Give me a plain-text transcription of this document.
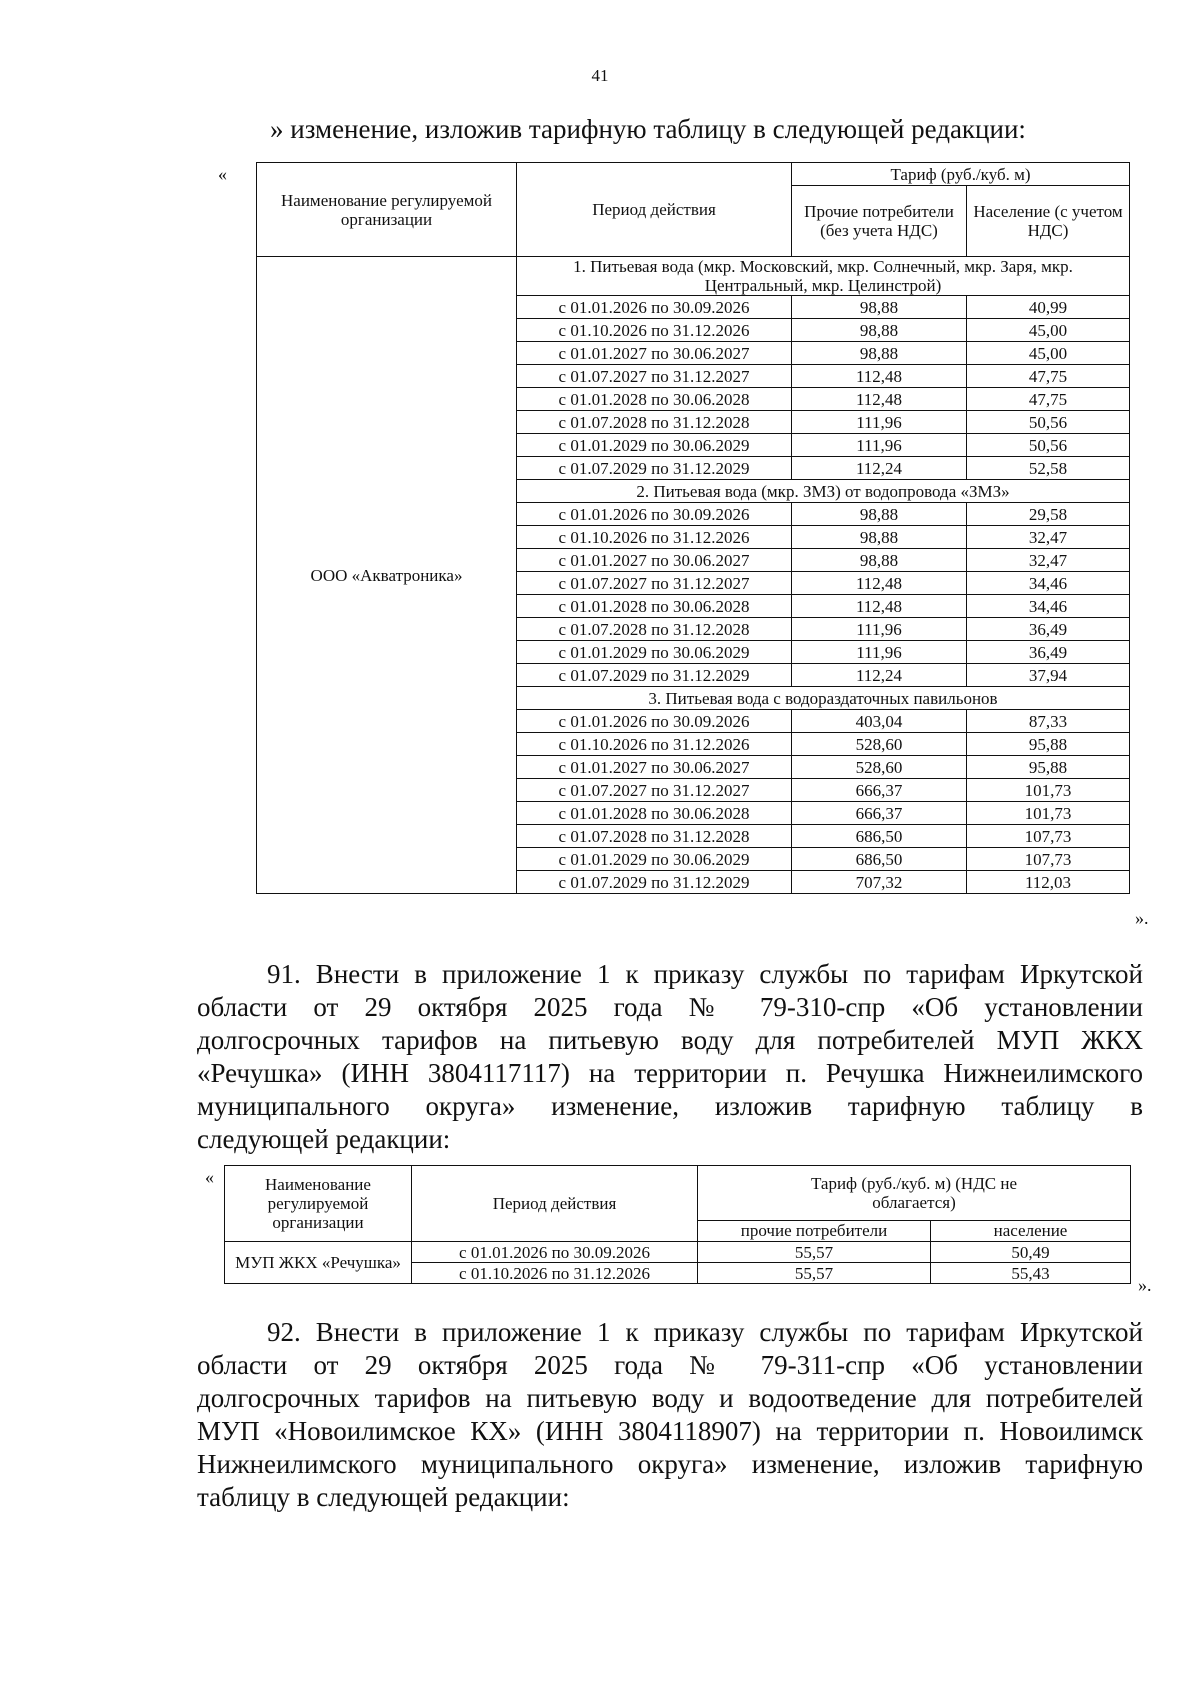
41
» изменение, изложив тарифную таблицу в следующей редакции:
«
Наименование регулируемой организации	Период действия	Тариф (руб./куб. м)	
		Прочие потребители (без учета НДС)	Население (с учетом НДС)
ООО «Акватроника»	1. Питьевая вода (мкр. Московский, мкр. Солнечный, мкр. Заря, мкр. Центральный, мкр. Целинстрой)		
	с 01.01.2026 по 30.09.2026	98,88	40,99
	с 01.10.2026 по 31.12.2026	98,88	45,00
	с 01.01.2027 по 30.06.2027	98,88	45,00
	с 01.07.2027 по 31.12.2027	112,48	47,75
	с 01.01.2028 по 30.06.2028	112,48	47,75
	с 01.07.2028 по 31.12.2028	111,96	50,56
	с 01.01.2029 по 30.06.2029	111,96	50,56
	с 01.07.2029 по 31.12.2029	112,24	52,58
	2. Питьевая вода (мкр. ЗМЗ) от водопровода «ЗМЗ»		
	с 01.01.2026 по 30.09.2026	98,88	29,58
	с 01.10.2026 по 31.12.2026	98,88	32,47
	с 01.01.2027 по 30.06.2027	98,88	32,47
	с 01.07.2027 по 31.12.2027	112,48	34,46
	с 01.01.2028 по 30.06.2028	112,48	34,46
	с 01.07.2028 по 31.12.2028	111,96	36,49
	с 01.01.2029 по 30.06.2029	111,96	36,49
	с 01.07.2029 по 31.12.2029	112,24	37,94
	3. Питьевая вода с водораздаточных павильонов		
	с 01.01.2026 по 30.09.2026	403,04	87,33
	с 01.10.2026 по 31.12.2026	528,60	95,88
	с 01.01.2027 по 30.06.2027	528,60	95,88
	с 01.07.2027 по 31.12.2027	666,37	101,73
	с 01.01.2028 по 30.06.2028	666,37	101,73
	с 01.07.2028 по 31.12.2028	686,50	107,73
	с 01.01.2029 по 30.06.2029	686,50	107,73
	с 01.07.2029 по 31.12.2029	707,32	112,03
».
91. Внести в приложение 1 к приказу службы по тарифам Иркутской
области от 29 октября 2025 года № 79-310-спр «Об установлении
долгосрочных тарифов на питьевую воду для потребителей МУП ЖКХ
«Речушка» (ИНН 3804117117) на территории п. Речушка Нижнеилимского
муниципального округа» изменение, изложив тарифную таблицу в
следующей редакции:
«	Наименование регулируемой организации	Период действия	Тариф (руб./куб. м) (НДС не облагается)	
		прочие потребители	население
МУП ЖКХ «Речушка»	с 01.01.2026 по 30.09.2026	55,57	50,49
	с 01.10.2026 по 31.12.2026	55,57	55,43
».
92. Внести в приложение 1 к приказу службы по тарифам Иркутской
области от 29 октября 2025 года № 79-311-спр «Об установлении
долгосрочных тарифов на питьевую воду и водоотведение для потребителей
МУП «Новоилимское КХ» (ИНН 3804118907) на территории п. Новоилимск
Нижнеилимского муниципального округа» изменение, изложив тарифную
таблицу в следующей редакции:
